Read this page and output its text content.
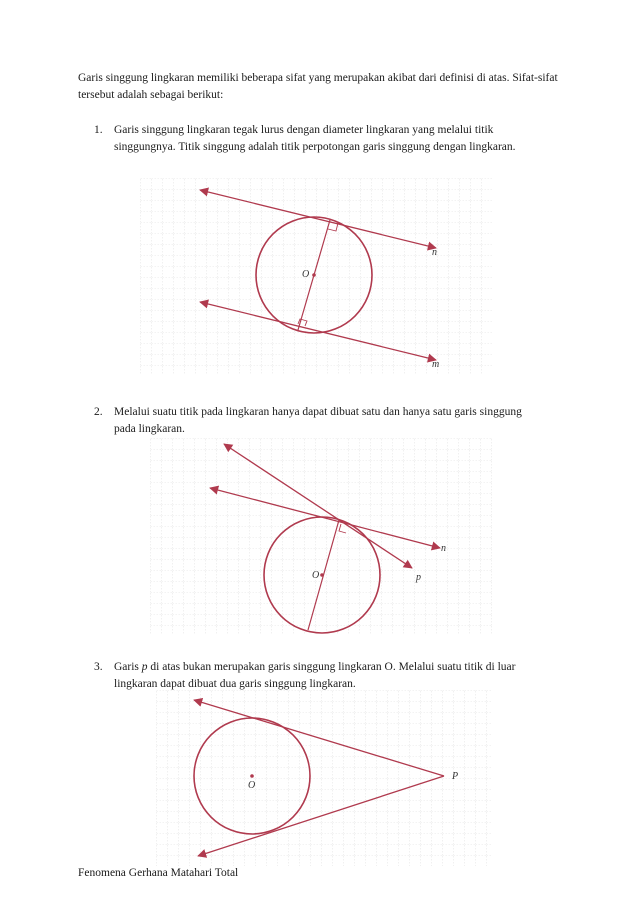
Garis singgung lingkaran memiliki beberapa sifat yang merupakan akibat dari definisi di atas. Sifat-sifat tersebut adalah sebagai berikut:
1. Garis singgung lingkaran tegak lurus dengan diameter lingkaran yang melalui titik singgungnya. Titik singgung adalah titik perpotongan garis singgung dengan lingkaran.
O
n
m
2. Melalui suatu titik pada lingkaran hanya dapat dibuat satu dan hanya satu garis singgung pada lingkaran.
O
n
p
3. Garis p di atas bukan merupakan garis singgung lingkaran O. Melalui suatu titik di luar lingkaran dapat dibuat dua garis singgung lingkaran.
O
P
Fenomena Gerhana Matahari Total
